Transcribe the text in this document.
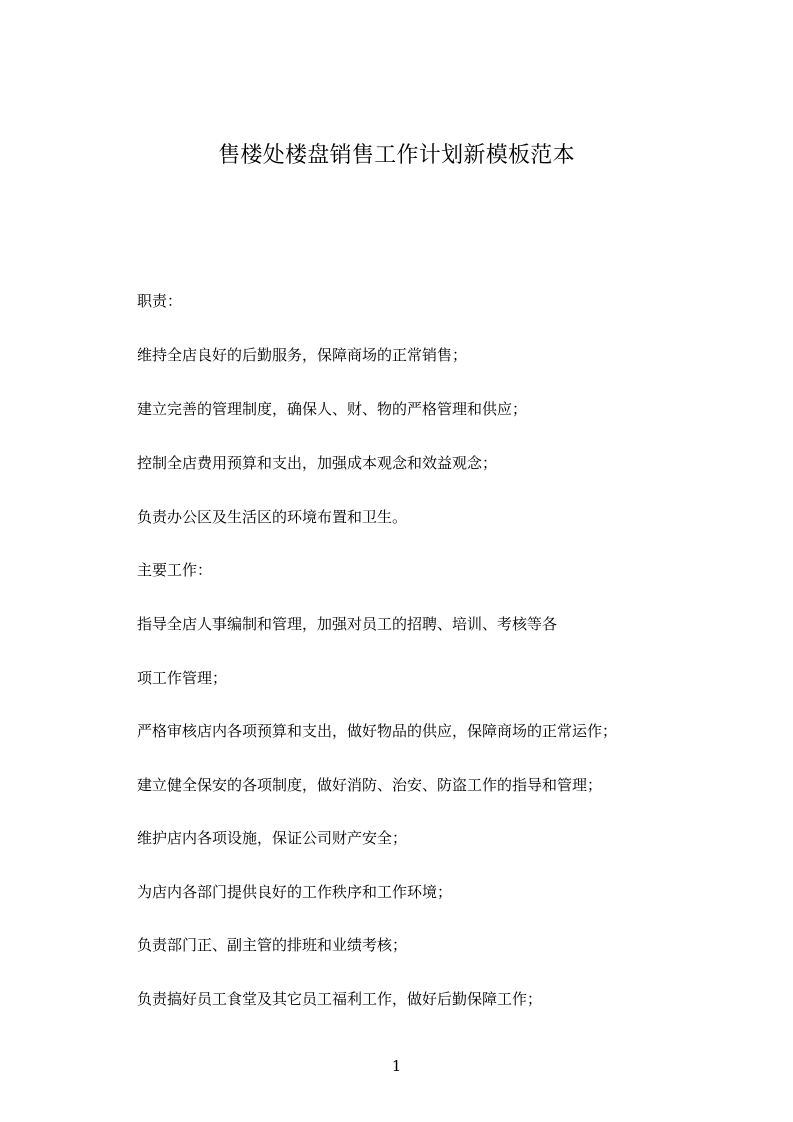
售楼处楼盘销售工作计划新模板范本
职责：
维持全店良好的后勤服务，保障商场的正常销售；
建立完善的管理制度，确保人、财、物的严格管理和供应；
控制全店费用预算和支出，加强成本观念和效益观念；
负责办公区及生活区的环境布置和卫生。
主要工作：
指导全店人事编制和管理，加强对员工的招聘、培训、考核等各
项工作管理；
严格审核店内各项预算和支出，做好物品的供应，保障商场的正常运作；
建立健全保安的各项制度，做好消防、治安、防盗工作的指导和管理；
维护店内各项设施，保证公司财产安全；
为店内各部门提供良好的工作秩序和工作环境；
负责部门正、副主管的排班和业绩考核；
负责搞好员工食堂及其它员工福利工作，做好后勤保障工作；
1
